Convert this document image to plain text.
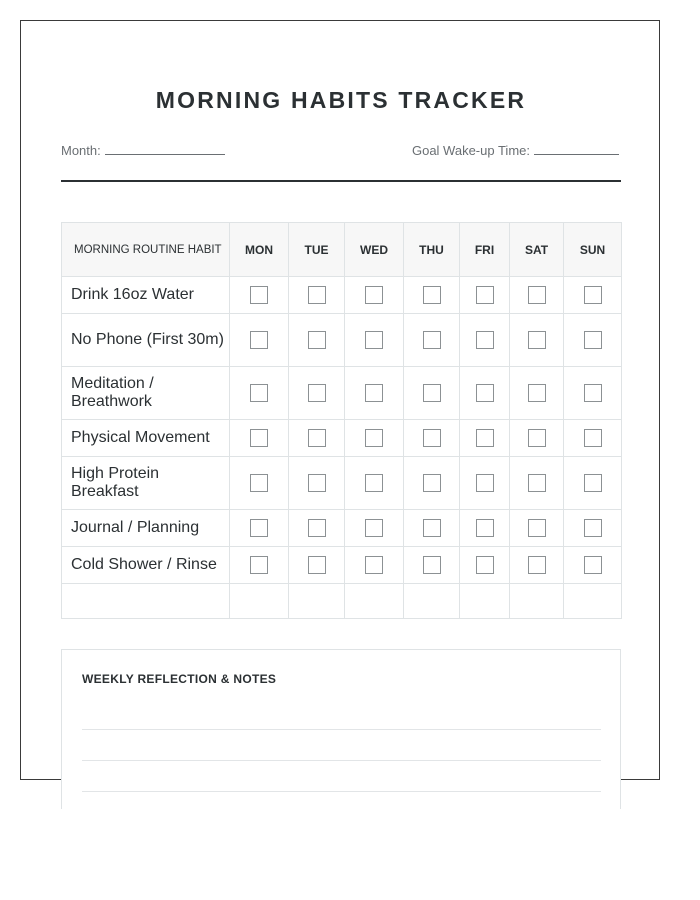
MORNING HABITS TRACKER
Month:	Goal Wake-up Time:
MORNING ROUTINE HABIT	MON	TUE	WED	THU	FRI	SAT	SUN
Drink 16oz Water							
No Phone (First 30m)							
Meditation / Breathwork							
Physical Movement							
High Protein Breakfast							
Journal / Planning							
Cold Shower / Rinse							

WEEKLY REFLECTION & NOTES
